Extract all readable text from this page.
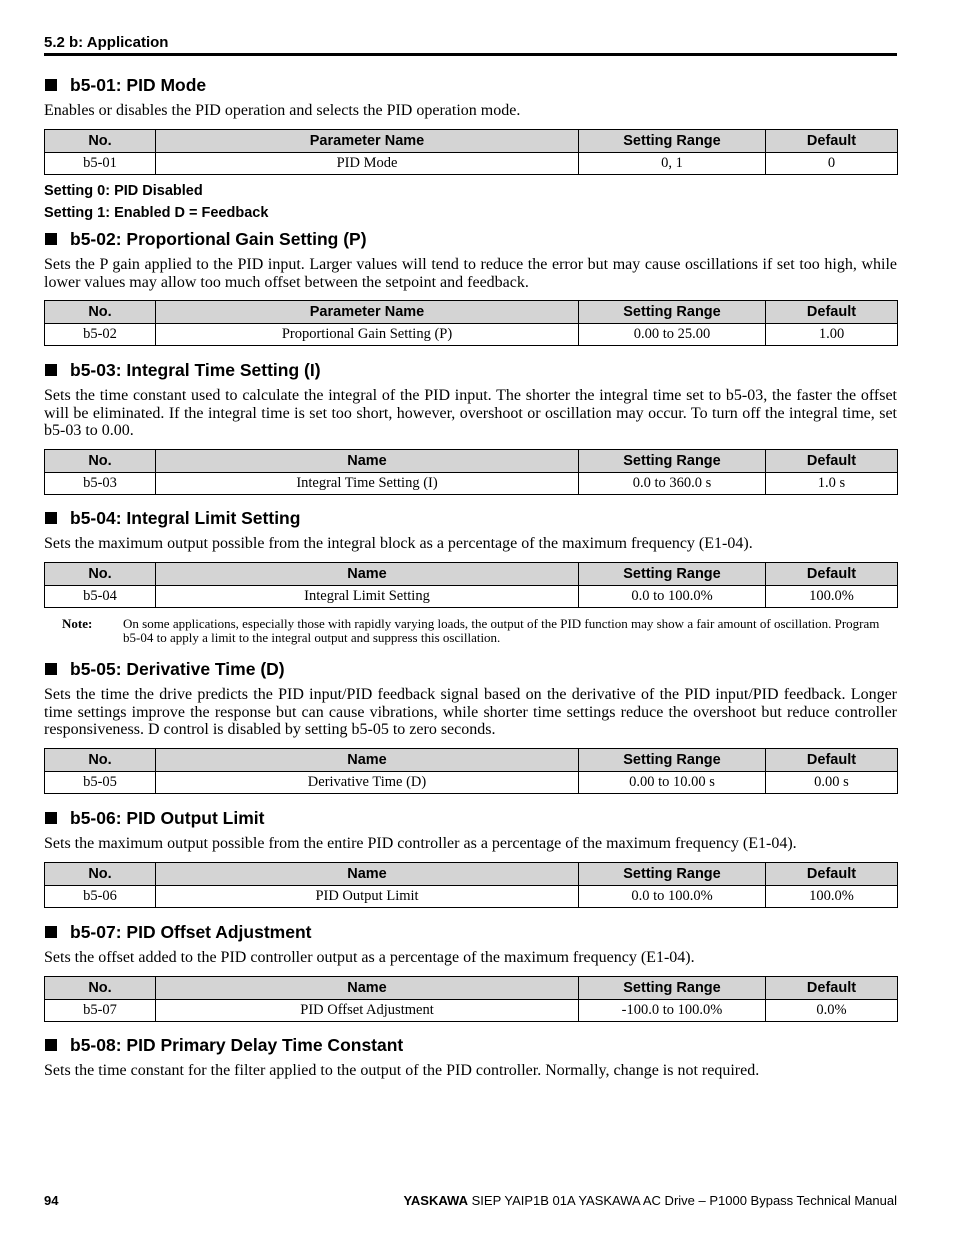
5.2 b: Application
b5-01: PID Mode

Enables or disables the PID operation and selects the PID operation mode.

No.	Parameter Name	Setting Range	Default
b5-01	PID Mode	0, 1	0
Setting 0: PID Disabled
Setting 1: Enabled D = Feedback
b5-02: Proportional Gain Setting (P)

Sets the P gain applied to the PID input. Larger values will tend to reduce the error but may cause oscillations if set too high, while lower values may allow too much offset between the setpoint and feedback.

No.	Parameter Name	Setting Range	Default
b5-02	Proportional Gain Setting (P)	0.00 to 25.00	1.00
b5-03: Integral Time Setting (I)

Sets the time constant used to calculate the integral of the PID input. The shorter the integral time set to b5-03, the faster the offset will be eliminated. If the integral time is set too short, however, overshoot or oscillation may occur. To turn off the integral time, set b5-03 to 0.00.

No.	Name	Setting Range	Default
b5-03	Integral Time Setting (I)	0.0 to 360.0 s	1.0 s
b5-04: Integral Limit Setting

Sets the maximum output possible from the integral block as a percentage of the maximum frequency (E1-04).

No.	Name	Setting Range	Default
b5-04	Integral Limit Setting	0.0 to 100.0%	100.0%
Note:	On some applications, especially those with rapidly varying loads, the output of the PID function may show a fair amount of oscillation. Program b5-04 to apply a limit to the integral output and suppress this oscillation.
b5-05: Derivative Time (D)

Sets the time the drive predicts the PID input/PID feedback signal based on the derivative of the PID input/PID feedback. Longer time settings improve the response but can cause vibrations, while shorter time settings reduce the overshoot but reduce controller responsiveness. D control is disabled by setting b5-05 to zero seconds.

No.	Name	Setting Range	Default
b5-05	Derivative Time (D)	0.00 to 10.00 s	0.00 s
b5-06: PID Output Limit

Sets the maximum output possible from the entire PID controller as a percentage of the maximum frequency (E1-04).

No.	Name	Setting Range	Default
b5-06	PID Output Limit	0.0 to 100.0%	100.0%
b5-07: PID Offset Adjustment

Sets the offset added to the PID controller output as a percentage of the maximum frequency (E1-04).

No.	Name	Setting Range	Default
b5-07	PID Offset Adjustment	-100.0 to 100.0%	0.0%
b5-08: PID Primary Delay Time Constant

Sets the time constant for the filter applied to the output of the PID controller. Normally, change is not required.

94	YASKAWA SIEP YAIP1B 01A YASKAWA AC Drive – P1000 Bypass Technical Manual
